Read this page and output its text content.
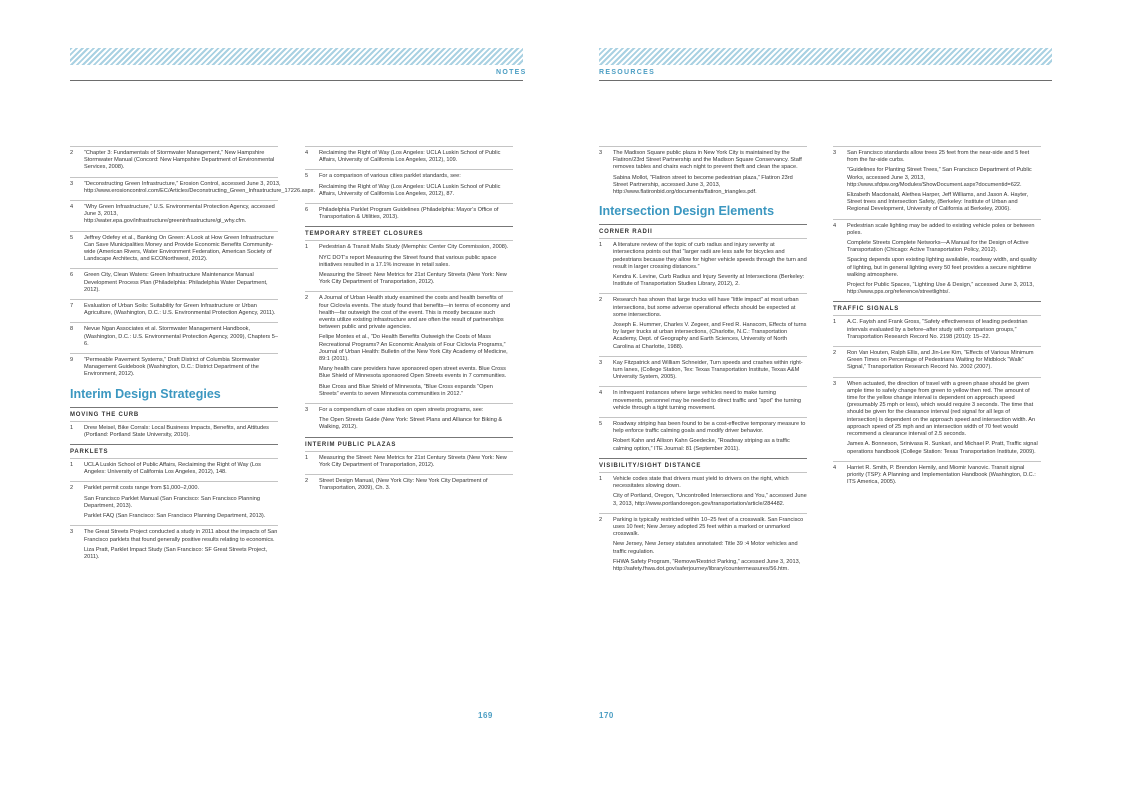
NOTES	RESOURCES
2	“Chapter 3: Fundamentals of Stormwater Management,” New Hampshire Stormwater Manual (Concord: New Hampshire Department of Environmental Services, 2008).

3	“Deconstructing Green Infrastructure,” Erosion Control, accessed June 3, 2013, http://www.erosioncontrol.com/EC/Articles/Deconstructing_Green_Infrastructure_17226.aspx.

4	“Why Green Infrastructure,” U.S. Environmental Protection Agency, accessed June 3, 2013, http://water.epa.gov/infrastructure/greeninfrastructure/gi_why.cfm.

5	Jeffrey Odefey et al., Banking On Green: A Look at How Green Infrastructure Can Save Municipalities Money and Provide Economic Benefits Community-wide (American Rivers, Water Environment Federation, American Society of Landscape Architects, and ECONorthwest, 2012).

6	Green City, Clean Waters: Green Infrastructure Maintenance Manual Development Process Plan (Philadelphia: Philadelphia Water Department, 2012).

7	Evaluation of Urban Soils: Suitability for Green Infrastructure or Urban Agriculture, (Washington, D.C.: U.S. Environmental Protection Agency, 2011).

8	Nevue Ngan Associates et al. Stormwater Management Handbook, (Washington, D.C.: U.S. Environmental Protection Agency, 2009), Chapters 5–6.

9	“Permeable Pavement Systems,” Draft District of Columbia Stormwater Management Guidebook (Washington, D.C.: District Department of the Environment, 2012).

Interim Design Strategies
MOVING THE CURB
1	Drew Meisel, Bike Corrals: Local Business Impacts, Benefits, and Attitudes (Portland: Portland State University, 2010).

PARKLETS
1	UCLA Luskin School of Public Affairs, Reclaiming the Right of Way (Los Angeles: University of California Los Angeles, 2012), 148.

2	Parklet permit costs range from $1,000–2,000.

San Francisco Parklet Manual (San Francisco: San Francisco Planning Department, 2013).

Parklet FAQ (San Francisco: San Francisco Planning Department, 2013).

3	The Great Streets Project conducted a study in 2011 about the impacts of San Francisco parklets that found generally positive results relating to economics.

Liza Pratt, Parklet Impact Study (San Francisco: SF Great Streets Project, 2011).

4	Reclaiming the Right of Way (Los Angeles: UCLA Luskin School of Public Affairs, University of California Los Angeles, 2012), 109.

5	For a comparison of various cities parklet standards, see:

Reclaiming the Right of Way (Los Angeles: UCLA Luskin School of Public Affairs, University of California Los Angeles, 2012), 87.

6	Philadelphia Parklet Program Guidelines (Philadelphia: Mayor’s Office of Transportation & Utilities, 2013).

TEMPORARY STREET CLOSURES
1	Pedestrian & Transit Malls Study (Memphis: Center City Commission, 2008).

NYC DOT’s report Measuring the Street found that various public space initiatives resulted in a 17.1% increase in retail sales.

Measuring the Street: New Metrics for 21st Century Streets (New York: New York City Department of Transportation, 2012).

2	A Journal of Urban Health study examined the costs and health benefits of four Ciclovía events. The study found that benefits—in terms of economy and health—far outweigh the cost of the event. This is mostly because such events utilize existing infrastructure and are often the result of partnerships between public and private agencies.

Felipe Montes et al., “Do Health Benefits Outweigh the Costs of Mass Recreational Programs? An Economic Analysis of Four Ciclovía Programs,” Journal of Urban Health: Bulletin of the New York City Academy of Medicine, 89:1 (2011).

Many health care providers have sponsored open street events. Blue Cross Blue Shield of Minnesota sponsored Open Streets events in 7 communities.

Blue Cross and Blue Shield of Minnesota, “Blue Cross expands “Open Streets” events to seven Minnesota communities in 2012.”

3	For a compendium of case studies on open streets programs, see:

The Open Streets Guide (New York: Street Plans and Alliance for Biking & Walking, 2012).

INTERIM PUBLIC PLAZAS
1	Measuring the Street: New Metrics for 21st Century Streets (New York: New York City Department of Transportation, 2012).

2	Street Design Manual, (New York City: New York City Department of Transportation, 2009), Ch. 3.

3	The Madison Square public plaza in New York City is maintained by the Flatiron/23rd Street Partnership and the Madison Square Conservancy. Staff removes tables and chairs each night to prevent theft and clean the space.

Sabina Mollot, “Flatiron street to become pedestrian plaza,” Flatiron 23rd Street Partnership, accessed June 3, 2013, http://www.flatironbid.org/documents/flatiron_triangles.pdf.

Intersection Design Elements
CORNER RADII
1	A literature review of the topic of curb radius and injury severity at intersections points out that “larger radii are less safe for bicycles and pedestrians because they allow for higher vehicle speeds through the turn and result in larger crossing distances.”

Kendra K. Levine, Curb Radius and Injury Severity at Intersections (Berkeley: Institute of Transportation Studies Library, 2012), 2.

2	Research has shown that large trucks will have “little impact” at most urban intersections, but some adverse operational effects should be expected at some intersections.

Joseph E. Hummer, Charles V. Zegeer, and Fred R. Hanscom, Effects of turns by larger trucks at urban intersections, (Charlotte, N.C.: Transportation Academy, Dept. of Geography and Earth Sciences, University of North Carolina at Charlotte, 1988).

3	Kay Fitzpatrick and William Schneider, Turn speeds and crashes within right-turn lanes, (College Station, Tex: Texas Transportation Institute, Texas A&M University System, 2005).

4	In infrequent instances where large vehicles need to make turning movements, personnel may be needed to direct traffic and “spot” the turning vehicle through a tight turning movement.

5	Roadway striping has been found to be a cost-effective temporary measure to help enforce traffic calming goals and modify driver behavior.

Robert Kahn and Allison Kahn Goedecke, “Roadway striping as a traffic calming option,” ITE Journal: 81 (September 2011).

VISIBILITY/SIGHT DISTANCE
1	Vehicle codes state that drivers must yield to drivers on the right, which necessitates slowing down.

City of Portland, Oregon, “Uncontrolled Intersections and You,” accessed June 3, 2013, http://www.portlandoregon.gov/transportation/article/284482.

2	Parking is typically restricted within 10–25 feet of a crosswalk. San Francisco uses 10 feet; New Jersey adopted 25 feet within a marked or unmarked crosswalk.

New Jersey, New Jersey statutes annotated: Title 39 :4 Motor vehicles and traffic regulation.

FHWA Safety Program, “Remove/Restrict Parking,” accessed June 3, 2013, http://safety.fhwa.dot.gov/saferjourney/library/countermeasures/56.htm.

3	San Francisco standards allow trees 25 feet from the near-side and 5 feet from the far-side curbs.

“Guidelines for Planting Street Trees,” San Francisco Department of Public Works, accessed June 3, 2013, http://www.sfdpw.org/Modules/ShowDocument.aspx?documentid=622.

Elizabeth Macdonald, Alethea Harper, Jeff Williams, and Jason A. Hayter, Street trees and Intersection Safety, (Berkeley: Institute of Urban and Regional Development, University of California at Berkeley, 2006).

4	Pedestrian scale lighting may be added to existing vehicle poles or between poles.

Complete Streets Complete Networks—A Manual for the Design of Active Transportation (Chicago: Active Transportation Policy, 2012).

Spacing depends upon existing lighting available, roadway width, and quality of lighting, but in general lighting every 50 feet provides a secure nighttime walking atmosphere.

Project for Public Spaces, “Lighting Use & Design,” accessed June 3, 2013, http://www.pps.org/reference/streetlights/.

TRAFFIC SIGNALS
1	A.C. Fayish and Frank Gross, “Safety effectiveness of leading pedestrian intervals evaluated by a before–after study with comparison groups,” Transportation Research Record No. 2198 (2010): 15–22.

2	Ron Van Houten, Ralph Ellis, and Jin-Lee Kim, “Effects of Various Minimum Green Times on Percentage of Pedestrians Waiting for Midblock “Walk” Signal,” Transportation Research Record No. 2002 (2007).

3	When actuated, the direction of travel with a green phase should be given ample time to safely change from green to yellow then red. The amount of time for the yellow change interval is dependent on approach speed (presumably 25 mph or less), which would require 3 seconds. The time that should be given for the clearance interval (red signal for all legs of intersection) is dependent on the approach speed and intersection width. An approach speed of 25 mph and an intersection width of 70 feet would recommend a clearance interval of 2.5 seconds.

James A. Bonneson, Srinivasa R. Sunkari, and Michael P. Pratt, Traffic signal operations handbook (College Station: Texas Transportation Institute, 2009).

4	Harriet R. Smith, P. Brendon Hemily, and Miomir Ivanovic. Transit signal priority (TSP): A Planning and Implementation Handbook (Washington, D.C.: ITS America, 2005).

169	170
